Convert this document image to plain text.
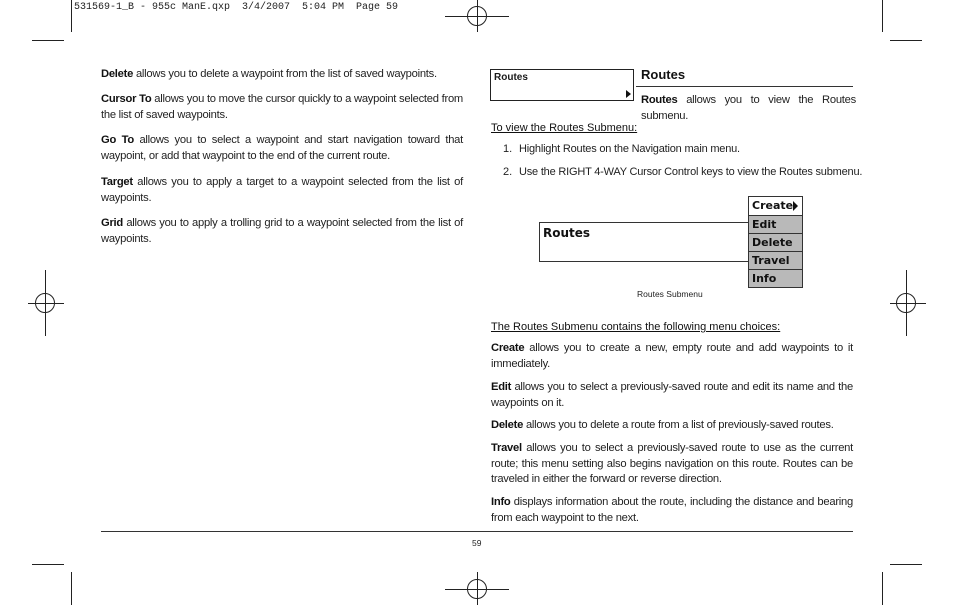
531569-1_B - 955c ManE.qxp  3/4/2007  5:04 PM  Page 59

Delete allows you to delete a waypoint from the list of saved waypoints.

Cursor To allows you to move the cursor quickly to a waypoint selected from the list of saved waypoints.

Go To allows you to select a waypoint and start navigation toward that waypoint, or add that waypoint to the end of the current route.

Target allows you to apply a target to a waypoint selected from the list of waypoints.

Grid allows you to apply a trolling grid to a waypoint selected from the list of waypoints.

Routes	Routes

Routes allows you to view the Routes submenu.

To view the Routes Submenu:
1. Highlight Routes on the Navigation main menu.
2. Use the RIGHT 4-WAY Cursor Control keys to view the Routes submenu.
Routes
Create
Edit
Delete
Travel
Info
Routes Submenu
The Routes Submenu contains the following menu choices:

Create allows you to create a new, empty route and add waypoints to it immediately.

Edit allows you to select a previously-saved route and edit its name and the waypoints on it.

Delete allows you to delete a route from a list of previously-saved routes.

Travel allows you to select a previously-saved route to use as the current route; this menu setting also begins navigation on this route. Routes can be traveled in either the forward or reverse direction.

Info displays information about the route, including the distance and bearing from each waypoint to the next.

59
